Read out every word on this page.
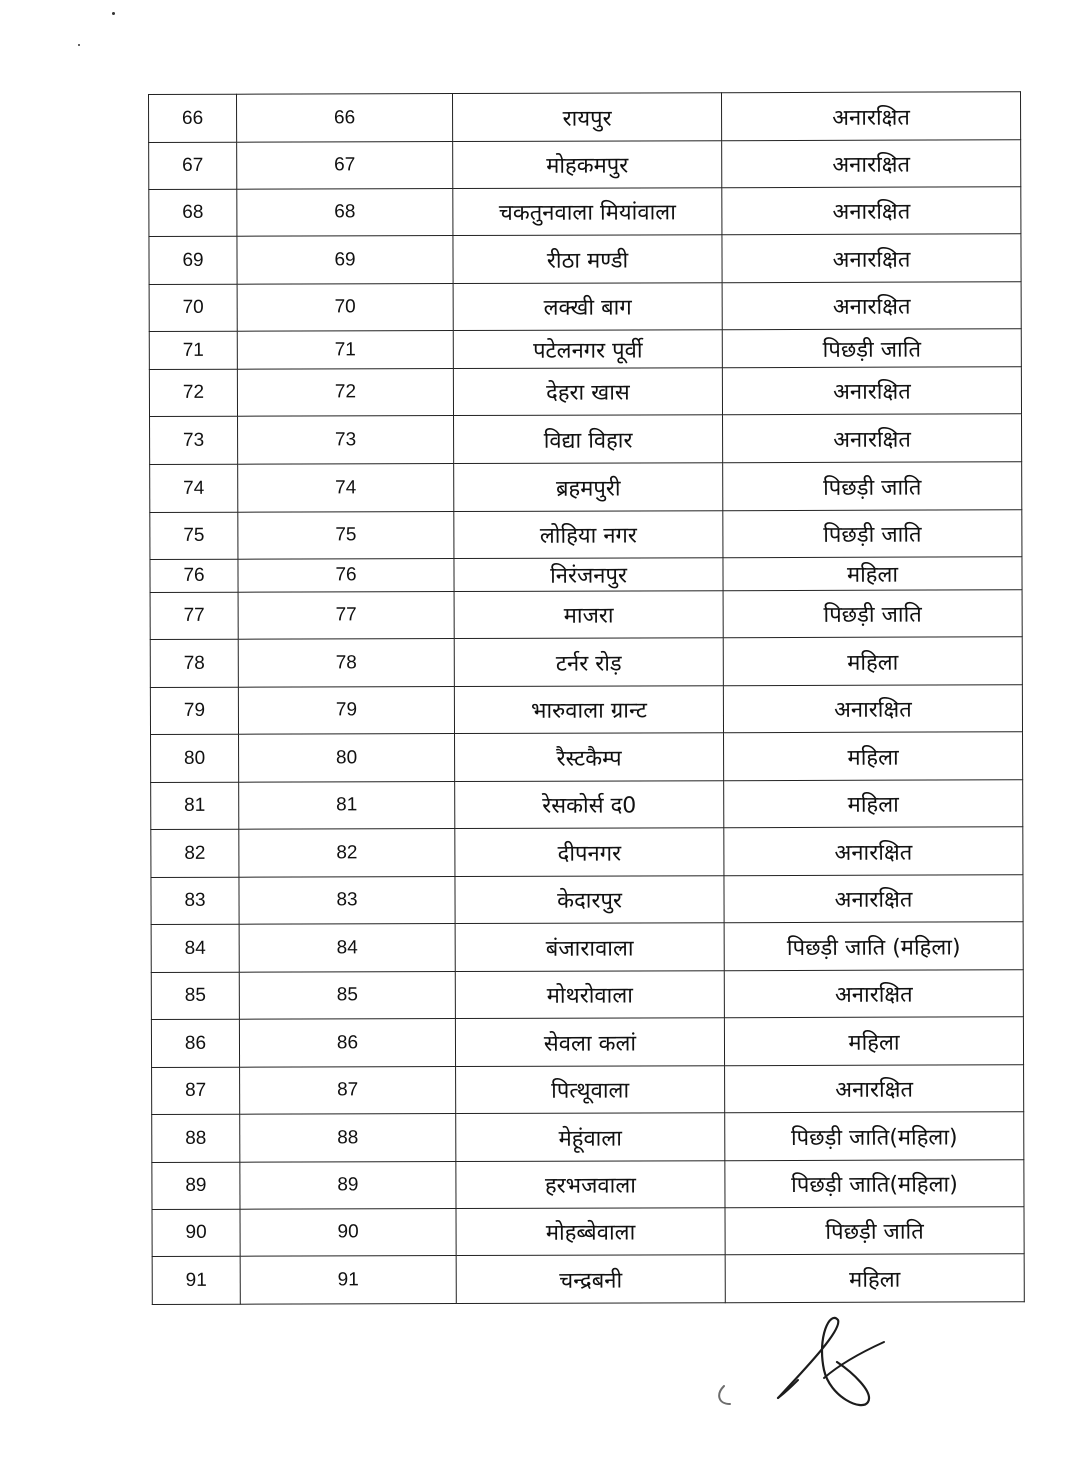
66	66	रायपुर	अनारक्षित
67	67	मोहकमपुर	अनारक्षित
68	68	चकतुनवाला मियांवाला	अनारक्षित
69	69	रीठा मण्डी	अनारक्षित
70	70	लक्खी बाग	अनारक्षित
71	71	पटेलनगर पूर्वी	पिछड़ी जाति
72	72	देहरा खास	अनारक्षित
73	73	विद्या विहार	अनारक्षित
74	74	ब्रहमपुरी	पिछड़ी जाति
75	75	लोहिया नगर	पिछड़ी जाति
76	76	निरंजनपुर	महिला
77	77	माजरा	पिछड़ी जाति
78	78	टर्नर रोड़	महिला
79	79	भारुवाला ग्रान्ट	अनारक्षित
80	80	रैस्टकैम्प	महिला
81	81	रेसकोर्स द0	महिला
82	82	दीपनगर	अनारक्षित
83	83	केदारपुर	अनारक्षित
84	84	बंजारावाला	पिछड़ी जाति (महिला)
85	85	मोथरोवाला	अनारक्षित
86	86	सेवला कलां	महिला
87	87	पित्थूवाला	अनारक्षित
88	88	मेहूंवाला	पिछड़ी जाति(महिला)
89	89	हरभजवाला	पिछड़ी जाति(महिला)
90	90	मोहब्बेवाला	पिछड़ी जाति
91	91	चन्द्रबनी	महिला
